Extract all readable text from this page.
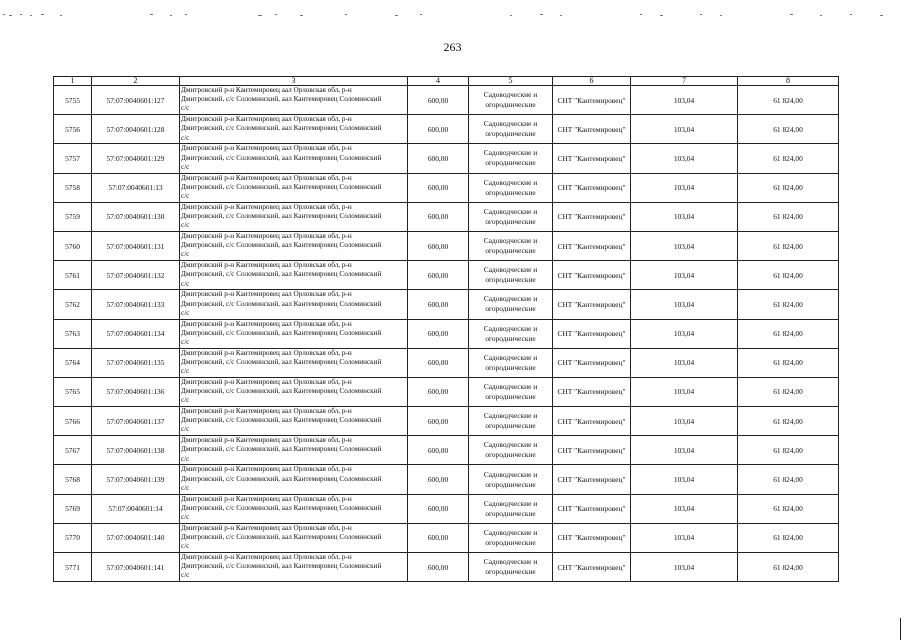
263
1	2	3	4	5	6	7	8
5755	57:07:0040601:127	Дмитровский р-н Кантемировец аал Орловская обл, р-н
Дмитровский, с/с Соломинский, аал Кантемировец Соломинский
с/с	600,00	Садоводческие и огороднические	СНТ "Кантемировец"	103,04	61 824,00
5756	57:07:0040601:128	Дмитровский р-н Кантемировец аал Орловская обл, р-н
Дмитровский, с/с Соломинский, аал Кантемировец Соломинский
с/с	600,00	Садоводческие и огороднические	СНТ "Кантемировец"	103,04	61 824,00
5757	57:07:0040601:129	Дмитровский р-н Кантемировец аал Орловская обл, р-н
Дмитровский, с/с Соломинский, аал Кантемировец Соломинский
с/с	600,00	Садоводческие и огороднические	СНТ "Кантемировец"	103,04	61 824,00
5758	57:07:0040601:13	Дмитровский р-н Кантемировец аал Орловская обл, р-н
Дмитровский, с/с Соломинский, аал Кантемировец Соломинский
с/с	600,00	Садоводческие и огороднические	СНТ "Кантемировец"	103,04	61 824,00
5759	57:07:0040601:130	Дмитровский р-н Кантемировец аал Орловская обл, р-н
Дмитровский, с/с Соломинский, аал Кантемировец Соломинский
с/с	600,00	Садоводческие и огороднические	СНТ "Кантемировец"	103,04	61 824,00
5760	57:07:0040601:131	Дмитровский р-н Кантемировец аал Орловская обл, р-н
Дмитровский, с/с Соломинский, аал Кантемировец Соломинский
с/с	600,00	Садоводческие и огороднические	СНТ "Кантемировец"	103,04	61 824,00
5761	57:07:0040601:132	Дмитровский р-н Кантемировец аал Орловская обл, р-н
Дмитровский, с/с Соломинский, аал Кантемировец Соломинский
с/с	600,00	Садоводческие и огороднические	СНТ "Кантемировец"	103,04	61 824,00
5762	57:07:0040601:133	Дмитровский р-н Кантемировец аал Орловская обл, р-н
Дмитровский, с/с Соломинский, аал Кантемировец Соломинский
с/с	600,00	Садоводческие и огороднические	СНТ "Кантемировец"	103,04	61 824,00
5763	57:07:0040601:134	Дмитровский р-н Кантемировец аал Орловская обл, р-н
Дмитровский, с/с Соломинский, аал Кантемировец Соломинский
с/с	600,00	Садоводческие и огороднические	СНТ "Кантемировец"	103,04	61 824,00
5764	57:07:0040601:135	Дмитровский р-н Кантемировец аал Орловская обл, р-н
Дмитровский, с/с Соломинский, аал Кантемировец Соломинский
с/с	600,00	Садоводческие и огороднические	СНТ "Кантемировец"	103,04	61 824,00
5765	57:07:0040601:136	Дмитровский р-н Кантемировец аал Орловская обл, р-н
Дмитровский, с/с Соломинский, аал Кантемировец Соломинский
с/с	600,00	Садоводческие и огороднические	СНТ "Кантемировец"	103,04	61 824,00
5766	57:07:0040601:137	Дмитровский р-н Кантемировец аал Орловская обл, р-н
Дмитровский, с/с Соломинский, аал Кантемировец Соломинский
с/с	600,00	Садоводческие и огороднические	СНТ "Кантемировец"	103,04	61 824,00
5767	57:07:0040601:138	Дмитровский р-н Кантемировец аал Орловская обл, р-н
Дмитровский, с/с Соломинский, аал Кантемировец Соломинский
с/с	600,00	Садоводческие и огороднические	СНТ "Кантемировец"	103,04	61 824,00
5768	57:07:0040601:139	Дмитровский р-н Кантемировец аал Орловская обл, р-н
Дмитровский, с/с Соломинский, аал Кантемировец Соломинский
с/с	600,00	Садоводческие и огороднические	СНТ "Кантемировец"	103,04	61 824,00
5769	57:07:0040601:14	Дмитровский р-н Кантемировец аал Орловская обл, р-н
Дмитровский, с/с Соломинский, аал Кантемировец Соломинский
с/с	600,00	Садоводческие и огороднические	СНТ "Кантемировец"	103,04	61 824,00
5770	57:07:0040601:140	Дмитровский р-н Кантемировец аал Орловская обл, р-н
Дмитровский, с/с Соломинский, аал Кантемировец Соломинский
с/с	600,00	Садоводческие и огороднические	СНТ "Кантемировец"	103,04	61 824,00
5771	57:07:0040601:141	Дмитровский р-н Кантемировец аал Орловская обл, р-н
Дмитровский, с/с Соломинский, аал Кантемировец Соломинский
с/с	600,00	Садоводческие и огороднические	СНТ "Кантемировец"	103,04	61 824,00
